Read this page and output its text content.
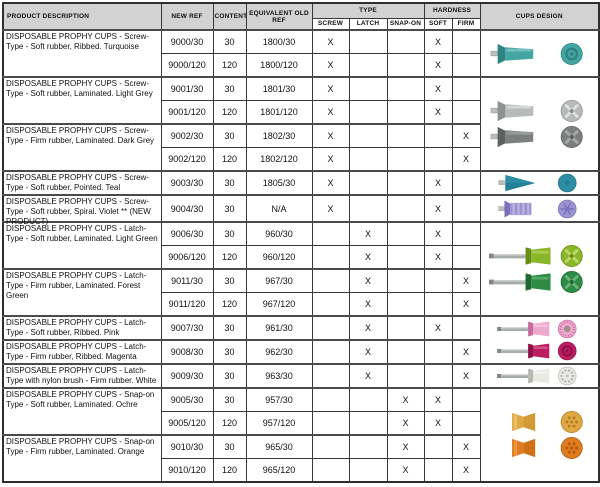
PRODUCT DESCRIPTION	NEW REF	CONTENT	EQUIVALENT OLD REF	TYPE			HARDNESS		CUPS DESIGN
				SCREW	LATCH	SNAP-ON	SOFT	FIRM	

DISPOSABLE PROPHY CUPS - Screw-Type - Soft rubber, Ribbed. Turquoise	9000/30	30	1800/30	X			X		

	9000/120	120	1800/120	X			X		

DISPOSABLE PROPHY CUPS - Screw-Type - Soft rubber, Laminated. Light Grey	9001/30	30	1801/30	X			X		

	9001/120	120	1801/120	X			X		

DISPOSABLE PROPHY CUPS - Screw-Type - Firm rubber, Laminated. Dark Grey	9002/30	30	1802/30	X				X	
	9002/120	120	1802/120	X				X	

DISPOSABLE PROPHY CUPS - Screw-Type - Soft rubber, Pointed. Teal	9003/30	30	1805/30	X			X		

DISPOSABLE PROPHY CUPS - Screw-Type - Soft rubber, Spiral. Violet ** (NEW
PRODUCT)	9004/30	30	N/A	X			X		

DISPOSABLE PROPHY CUPS - Latch-Type - Soft rubber, Laminated. Light Green	9006/30	30	960/30		X		X		

	9006/120	120	960/120		X		X		

DISPOSABLE PROPHY CUPS - Latch-Type - Firm rubber, Laminated. Forest Green	9011/30	30	967/30		X			X	
	9011/120	120	967/120		X			X	

DISPOSABLE PROPHY CUPS - Latch-Type - Soft rubber, Ribbed. Pink	9007/30	30	961/30		X		X		

DISPOSABLE PROPHY CUPS - Latch-Type - Firm rubber, Ribbed. Magenta	9008/30	30	962/30		X			X	

DISPOSABLE PROPHY CUPS - Latch-Type with nylon brush - Firm rubber. White	9009/30	30	963/30		X			X	

DISPOSABLE PROPHY CUPS - Snap-on Type - Soft rubber, Laminated. Ochre	9005/30	30	957/30			X	X		

	9005/120	120	957/120			X	X		

DISPOSABLE PROPHY CUPS - Snap-on Type - Firm rubber, Laminated. Orange	9010/30	30	965/30			X		X	
	9010/120	120	965/120			X		X	
